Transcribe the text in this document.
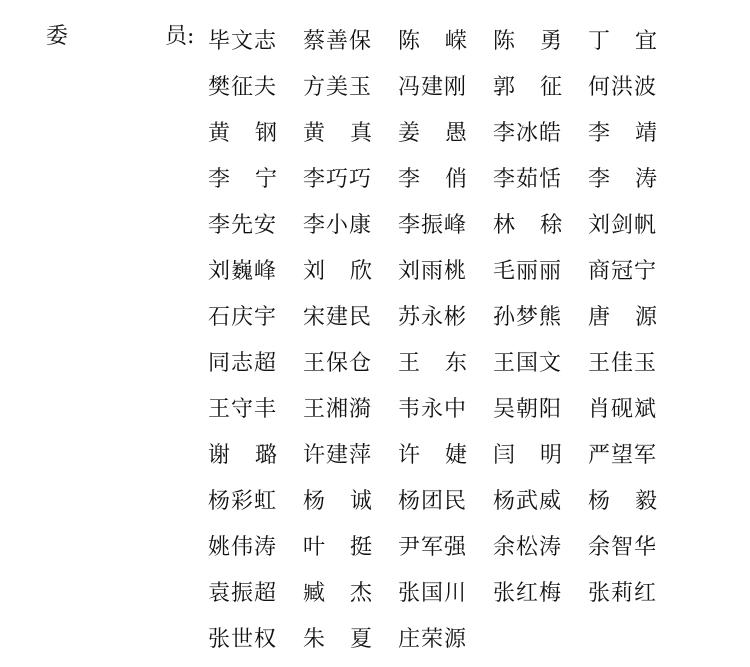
委	员: 毕文志 蔡善保 陈 嵘 陈 勇 丁 宜
樊征夫 方美玉 冯建刚 郭 征 何洪波
黄 钢 黄 真 姜 愚 李冰皓 李 靖
李 宁 李巧巧 李 俏 李茹恬 李 涛
李先安 李小康 李振峰 林 稌 刘剑帆
刘巍峰 刘 欣 刘雨桃 毛丽丽 商冠宁
石庆宇 宋建民 苏永彬 孙梦熊 唐 源
同志超 王保仓 王 东 王国文 王佳玉
王守丰 王湘漪 韦永中 吴朝阳 肖砚斌
谢 璐 许建萍 许 婕 闫 明 严望军
杨彩虹 杨 诚 杨团民 杨武威 杨 毅
姚伟涛 叶 挺 尹军强 余松涛 余智华
袁振超 臧 杰 张国川 张红梅 张莉红
张世权 朱 夏 庄荣源
